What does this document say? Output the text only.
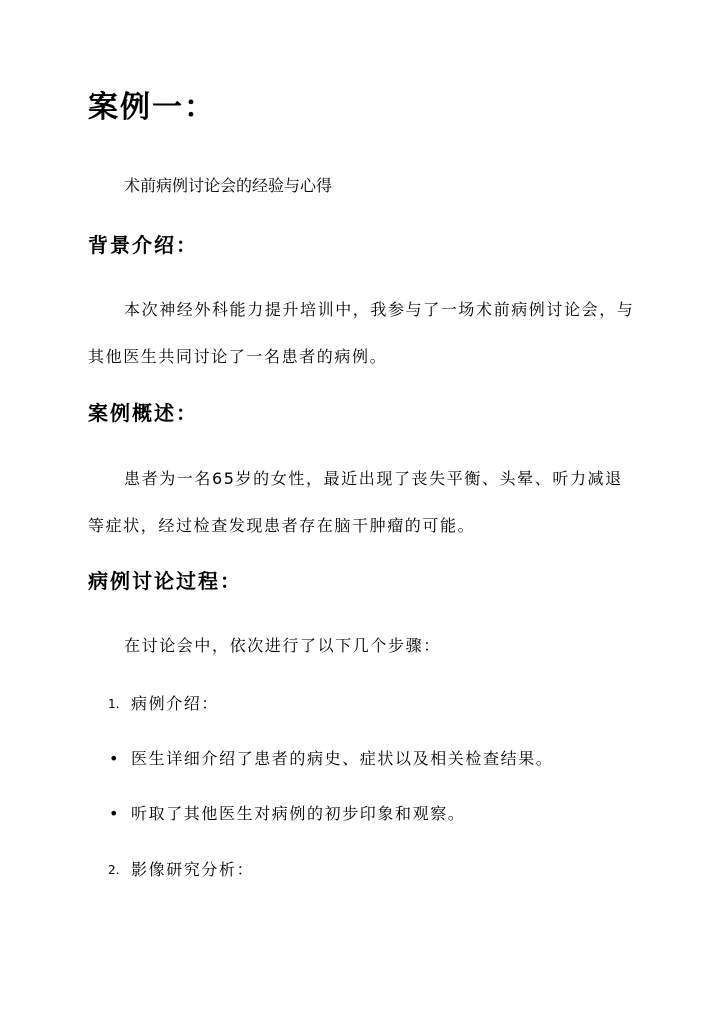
案例一：

术前病例讨论会的经验与心得

背景介绍：

本次神经外科能力提升培训中，我参与了一场术前病例讨论会，与其他医生共同讨论了一名患者的病例。

案例概述：

患者为一名65岁的女性，最近出现了丧失平衡、头晕、听力减退等症状，经过检查发现患者存在脑干肿瘤的可能。

病例讨论过程：

在讨论会中，依次进行了以下几个步骤：

1. 病例介绍：
• 医生详细介绍了患者的病史、症状以及相关检查结果。
• 听取了其他医生对病例的初步印象和观察。
2. 影像研究分析：
